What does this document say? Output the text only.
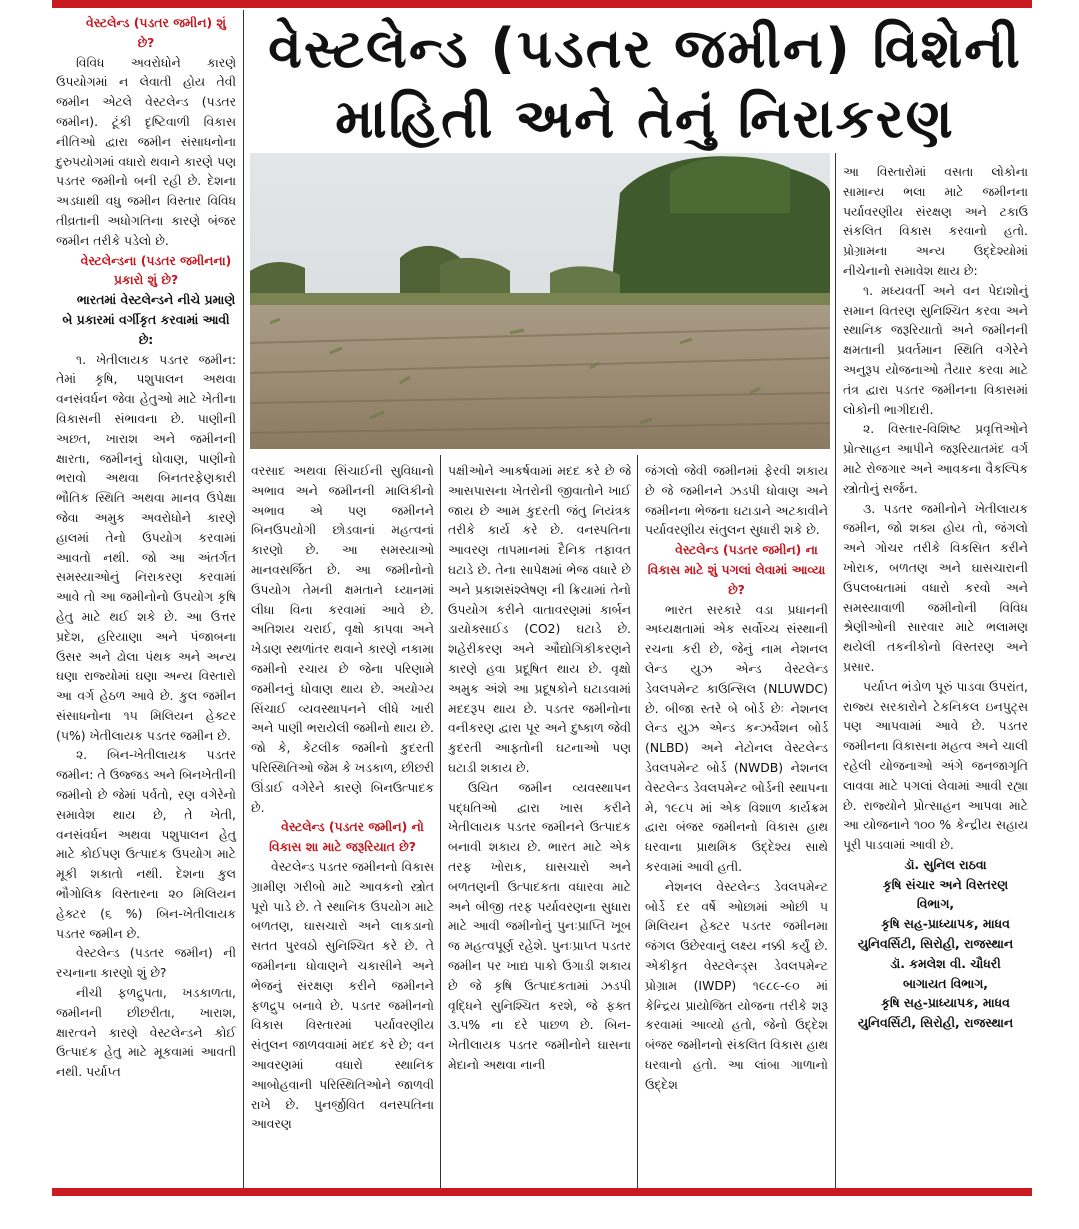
વેસ્ટલેન્ડ (પડતર જમીન) વિશેની
માહિતી અને તેનું નિરાકરણ

વેસ્ટલેન્ડ (પડતર જમીન) શું છે?

વિવિધ અવરોધોને કારણે ઉપયોગમાં ન લેવાતી હોય તેવી જમીન એટલે વેસ્ટલેન્ડ (પડતર જમીન). ટૂંકી દૃષ્ટિવાળી વિકાસ નીતિઓ દ્વારા જમીન સંસાધનોના દુરુપયોગમાં વધારો થવાને કારણે પણ પડતર જમીનો બની રહી છે. દેશના અડધાથી વધુ જમીન વિસ્તાર વિવિધ તીવ્રતાની અધોગતિના કારણે બંજર જમીન તરીકે પડેલો છે.

વેસ્ટલેન્ડના (પડતર જમીનના) પ્રકારો શું છે?

ભારતમાં વેસ્ટલેન્ડને નીચે પ્રમાણે બે પ્રકારમાં વર્ગીકૃત કરવામાં આવી છે:

૧. ખેતીલાયક પડતર જમીન: તેમાં કૃષિ, પશુપાલન અથવા વનસંવર્ધન જેવા હેતુઓ માટે ખેતીના વિકાસની સંભાવના છે. પાણીની અછત, ખારાશ અને જમીનની ક્ષારતા, જમીનનું ધોવાણ, પાણીનો ભરાવો અથવા બિનતરફેણકારી ભૌતિક સ્થિતિ અથવા માનવ ઉપેક્ષા જેવા અમુક અવરોધોને કારણે હાલમાં તેનો ઉપયોગ કરવામાં આવતો નથી. જો આ અંતર્ગત સમસ્યાઓનું નિરાકરણ કરવામાં આવે તો આ જમીનોનો ઉપયોગ કૃષિ હેતુ માટે થઈ શકે છે. આ ઉત્તર પ્રદેશ, હરિયાણા અને પંજાબના ઉસર અને ઢોલા પંથક અને અન્ય ઘણા રાજ્યોમાં ઘણા અન્ય વિસ્તારો આ વર્ગ હેઠળ આવે છે. કુલ જમીન સંસાધનોના ૧૫ મિલિયન હેક્ટર (૫%) ખેતીલાયક પડતર જમીન છે.

૨. બિન-ખેતીલાયક પડતર જમીન: તે ઉજ્જડ અને બિનખેતીની જમીનો છે જેમાં પર્વતો, રણ વગેરેનો સમાવેશ થાય છે, તે ખેતી, વનસંવર્ધન અથવા પશુપાલન હેતુ માટે કોઈપણ ઉત્પાદક ઉપયોગ માટે મૂકી શકાતો નથી. દેશના કુલ ભૌગોલિક વિસ્તારના ૨૦ મિલિયન હેક્ટર (૬ %) બિન-ખેતીલાયક પડતર જમીન છે.

વેસ્ટલેન્ડ (પડતર જમીન) ની રચનાના કારણો શું છે?

નીચી ફળદ્રુપતા, ખડકાળતા, જમીનની છીછરીતા, ખારાશ, ક્ષારત્વને કારણે વેસ્ટલેન્ડને કોઈ ઉત્પાદક હેતુ માટે મૂકવામાં આવતી નથી. પર્યાપ્ત

વરસાદ અથવા સિંચાઈની સુવિધાનો અભાવ અને જમીનની માલિકીનો અભાવ એ પણ જમીનને બિનઉપયોગી છોડવાનાં મહત્વનાં કારણો છે. આ સમસ્યાઓ માનવસર્જિત છે. આ જમીનોનો ઉપયોગ તેમની ક્ષમતાને ધ્યાનમાં લીધા વિના કરવામાં આવે છે. અતિશય ચરાઈ, વૃક્ષો કાપવા અને ખેડાણ સ્થળાંતર થવાને કારણે નકામા જમીનો રચાય છે જેના પરિણામે જમીનનું ધોવાણ થાય છે. અયોગ્ય સિંચાઈ વ્યવસ્થાપનને લીધે ખારી અને પાણી ભરાયેલી જમીનો થાય છે. જો કે, કેટલીક જમીનો કુદરતી પરિસ્થિતિઓ જેમ કે ખડકાળ, છીછરી ઊંડાઈ વગેરેને કારણે બિનઉત્પાદક છે.

વેસ્ટલેન્ડ (પડતર જમીન) નો વિકાસ શા માટે જરૂરિયાત છે?

વેસ્ટલેન્ડ પડતર જમીનનો વિકાસ ગ્રામીણ ગરીબો માટે આવકનો સ્ત્રોત પૂરો પાડે છે. તે સ્થાનિક ઉપયોગ માટે બળતણ, ઘાસચારો અને લાકડાનો સતત પુરવઠો સુનિશ્ચિત કરે છે. તે જમીનના ધોવાણને ચકાસીને અને ભેજનું સંરક્ષણ કરીને જમીનને ફળદ્રુપ બનાવે છે. પડતર જમીનનો વિકાસ વિસ્તારમાં પર્યાવરણીય સંતુલન જાળવવામાં મદદ કરે છે; વન આવરણમાં વધારો સ્થાનિક આબોહવાની પરિસ્થિતિઓને જાળવી રાખે છે. પુનર્જીવિત વનસ્પતિના આવરણ

પક્ષીઓને આકર્ષવામાં મદદ કરે છે જે આસપાસના ખેતરોની જીવાતોને ખાઈ જાય છે આમ કુદરતી જંતુ નિયંત્રક તરીકે કાર્ય કરે છે. વનસ્પતિના આવરણ તાપમાનમાં દૈનિક તફાવત ઘટાડે છે. તેના સાપેક્ષમાં ભેજ વધારે છે અને પ્રકાશસંશ્લેષણ ની ક્રિયામાં તેનો ઉપયોગ કરીને વાતાવરણમાં કાર્બન ડાયોક્સાઈડ (CO2) ઘટાડે છે. શહેરીકરણ અને ઔદ્યોગિકીકરણને કારણે હવા પ્રદૂષિત થાય છે. વૃક્ષો અમુક અંશે આ પ્રદૂષકોને ઘટાડવામાં મદદરૂપ થાય છે. પડતર જમીનોના વનીકરણ દ્વારા પૂર અને દુષ્કાળ જેવી કુદરતી આફતોની ઘટનાઓ પણ ઘટાડી શકાય છે.

ઉચિત જમીન વ્યવસ્થાપન પદ્ધતિઓ દ્વારા ખાસ કરીને ખેતીલાયક પડતર જમીનને ઉત્પાદક બનાવી શકાય છે. ભારત માટે એક તરફ ખોરાક, ઘાસચારો અને બળતણની ઉત્પાદકતા વધારવા માટે અને બીજી તરફ પર્યાવરણના સુધારા માટે આવી જમીનોનું પુનઃપ્રાપ્તિ ખૂબ જ મહત્વપૂર્ણ રહેશે. પુનઃપ્રાપ્ત પડતર જમીન પર ખાદ્ય પાકો ઉગાડી શકાય છે જે કૃષિ ઉત્પાદકતામાં ઝડપી વૃદ્ધિને સુનિશ્ચિત કરશે, જે ફક્ત ૩.૫% ના દરે પાછળ છે. બિન-ખેતીલાયક પડતર જમીનોને ઘાસના મેદાનો અથવા નાની

જંગલો જેવી જમીનમાં ફેરવી શકાય છે જે જમીનને ઝડપી ધોવાણ અને જમીનના ભેજના ઘટાડાને અટકાવીને પર્યાવરણીય સંતુલન સુધારી શકે છે.

વેસ્ટલેન્ડ (પડતર જમીન) ના વિકાસ માટે શું પગલાં લેવામાં આવ્યા છે?

ભારત સરકારે વડા પ્રધાનની અધ્યક્ષતામાં એક સર્વોચ્ચ સંસ્થાની રચના કરી છે, જેનું નામ નેશનલ લેન્ડ યુઝ એન્ડ વેસ્ટલેન્ડ ડેવલપમેન્ટ કાઉન્સિલ (NLUWDC) છે. બીજા સ્તરે બે બોર્ડ છેઃ નેશનલ લેન્ડ યુઝ એન્ડ કન્ઝર્વેશન બોર્ડ (NLBD) અને નેટોનલ વેસ્ટલેન્ડ ડેવલપમેન્ટ બોર્ડ (NWDB) નેશનલ વેસ્ટલેન્ડ ડેવલપમેન્ટ બોર્ડની સ્થાપના મે, ૧૯૮૫ માં એક વિશાળ કાર્યક્રમ દ્વારા બંજર જમીનનો વિકાસ હાથ ધરવાના પ્રાથમિક ઉદ્દેશ્ય સાથે કરવામાં આવી હતી.

નેશનલ વેસ્ટલેન્ડ ડેવલપમેન્ટ બોર્ડે દર વર્ષે ઓછામાં ઓછી ૫ મિલિયન હેક્ટર પડતર જમીનમા જંગલ ઉછેરવાનું લક્ષ્ય નક્કી કર્યું છે. એકીકૃત વેસ્ટલેન્ડ્સ ડેવલપમેન્ટ પ્રોગ્રામ (IWDP) ૧૯૮૯-૯૦ માં કેન્દ્રિય પ્રાયોજિત યોજના તરીકે શરૂ કરવામાં આવ્યો હતો, જેનો ઉદ્દેશ બંજર જમીનનો સંકલિત વિકાસ હાથ ધરવાનો હતો. આ લાંબા ગાળાનો ઉદ્દેશ

આ વિસ્તારોમાં વસતા લોકોના સામાન્ય ભલા માટે જમીનના પર્યાવરણીય સંરક્ષણ અને ટકાઉ સંકલિત વિકાસ કરવાનો હતો. પ્રોગ્રામના અન્ય ઉદ્દેશ્યોમાં નીચેનાનો સમાવેશ થાય છે:

૧. મધ્યવર્તી અને વન પેદાશોનું સમાન વિતરણ સુનિશ્ચિત કરવા અને સ્થાનિક જરૂરિયાતો અને જમીનની ક્ષમતાની પ્રવર્તમાન સ્થિતિ વગેરેને અનુરૂપ યોજનાઓ તૈયાર કરવા માટે તંત્ર દ્વારા પડતર જમીનના વિકાસમાં લોકોની ભાગીદારી.

૨. વિસ્તાર-વિશિષ્ટ પ્રવૃત્તિઓને પ્રોત્સાહન આપીને જરૂરિયાતમંદ વર્ગ માટે રોજગાર અને આવકના વૈકલ્પિક સ્ત્રોતોનું સર્જન.

૩. પડતર જમીનોને ખેતીલાયક જમીન, જો શક્ય હોય તો, જંગલો અને ગોચર તરીકે વિકસિત કરીને ખોરાક, બળતણ અને ઘાસચારાની ઉપલબ્ધતામાં વધારો કરવો અને સમસ્યાવાળી જમીનોની વિવિધ શ્રેણીઓની સારવાર માટે ભલામણ થયેલી તકનીકોનો વિસ્તરણ અને પ્રસાર.

પર્યાપ્ત ભંડોળ પૂરું પાડવા ઉપરાંત, રાજ્ય સરકારોને ટેકનિકલ ઇનપુટ્સ પણ આપવામાં આવે છે. પડતર જમીનના વિકાસના મહત્વ અને ચાલી રહેલી યોજનાઓ અંગે જનજાગૃતિ લાવવા માટે પગલાં લેવામાં આવી રહ્યા છે. રાજ્યોને પ્રોત્સાહન આપવા માટે આ યોજનાને ૧૦૦ % કેન્દ્રીય સહાય પૂરી પાડવામાં આવી છે.

ડૉ. સુનિલ રાઠવા

કૃષિ સંચાર અને વિસ્તરણ વિભાગ,

કૃષિ સહ-પ્રાધ્યાપક, માધવ યુનિવર્સિટી, સિરોહી, રાજસ્થાન

ડૉ. કમલેશ વી. ચૌધરી

બાગાયત વિભાગ,

કૃષિ સહ-પ્રાધ્યાપક, માધવ યુનિવર્સિટી, સિરોહી, રાજસ્થાન
